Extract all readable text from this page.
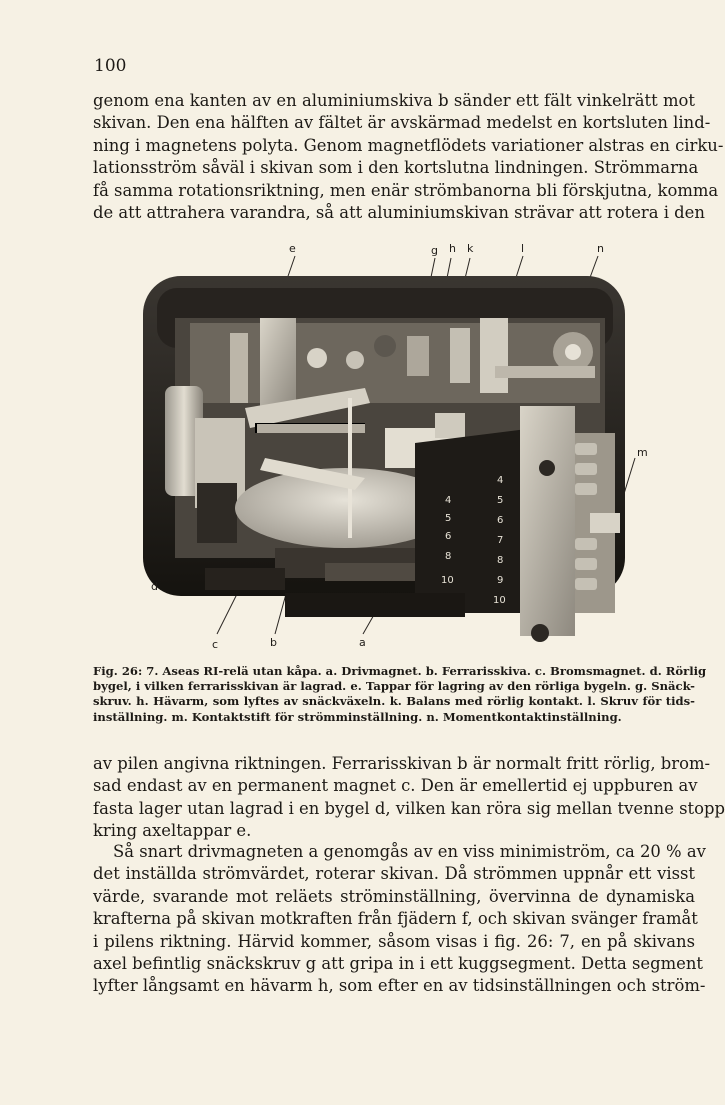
100

genom ena kanten av en aluminiumskiva b sänder ett fält vinkelrätt mot
skivan. Den ena hälften av fältet är avskärmad medelst en kortsluten lind-
ning i magnetens polyta. Genom magnetflödets variationer alstras en cirku-
lationsström såväl i skivan som i den kortslutna lindningen. Strömmarna
få samma rotationsriktning, men enär strömbanorna bli förskjutna, komma
de att attrahera varandra, så att aluminiumskivan strävar att rotera i den

4
5
6
7
8
9
10
4
5
6
8
10
e	g h k	l	n
m
d
c	b	a

Fig. 26: 7. Aseas RI-relä utan kåpa. a. Drivmagnet. b. Ferrarisskiva. c. Bromsmagnet. d. Rörlig
bygel, i vilken ferrarisskivan är lagrad. e. Tappar för lagring av den rörliga bygeln. g. Snäck-
skruv. h. Hävarm, som lyftes av snäckväxeln. k. Balans med rörlig kontakt. l. Skruv för tids-
inställning. m. Kontaktstift för strömminställning. n. Momentkontaktinställning.

av pilen angivna riktningen. Ferrarisskivan b är normalt fritt rörlig, brom-
sad endast av en permanent magnet c. Den är emellertid ej uppburen av
fasta lager utan lagrad i en bygel d, vilken kan röra sig mellan tvenne stopp
kring axeltappar e.

Så snart drivmagneten a genomgås av en viss minimiström, ca 20 % av
det inställda strömvärdet, roterar skivan. Då strömmen uppnår ett visst
värde, svarande mot reläets ströminställning, övervinna de dynamiska
krafterna på skivan motkraften från fjädern f, och skivan svänger framåt
i pilens riktning. Härvid kommer, såsom visas i fig. 26: 7, en på skivans
axel befintlig snäckskruv g att gripa in i ett kuggsegment. Detta segment
lyfter långsamt en hävarm h, som efter en av tidsinställningen och ström-
